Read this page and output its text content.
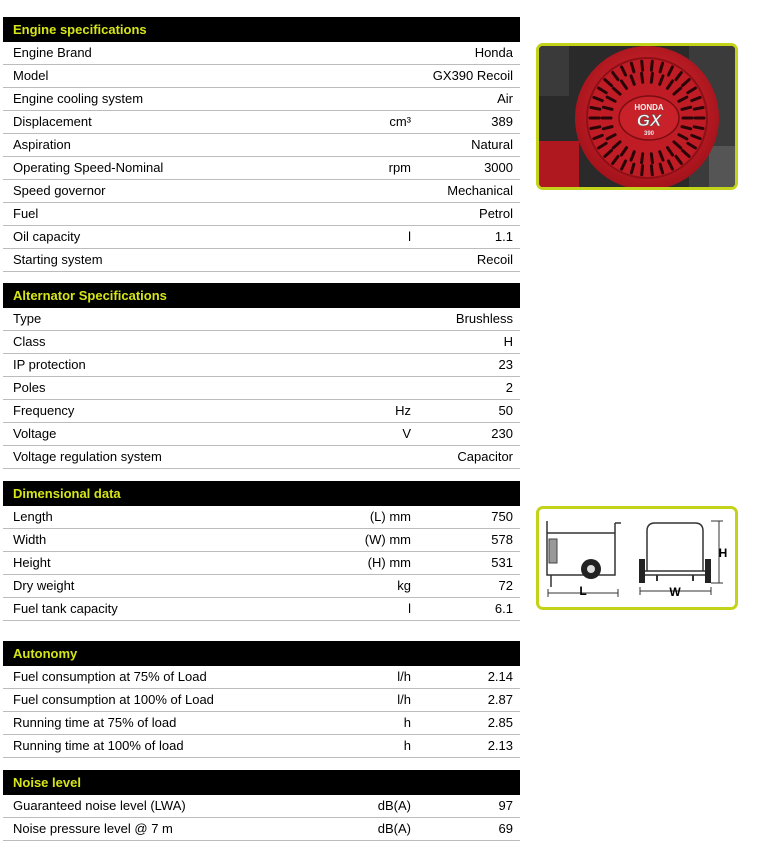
Engine specifications
Engine Brand	Honda
Model	GX390 Recoil
Engine cooling system	Air
Displacement	cm³	389
Aspiration	Natural
Operating Speed-Nominal	rpm	3000
Speed governor	Mechanical
Fuel	Petrol
Oil capacity	l	1.1
Starting system	Recoil
Alternator Specifications
Type	Brushless
Class	H
IP protection	23
Poles	2
Frequency	Hz	50
Voltage	V	230
Voltage regulation system	Capacitor
Dimensional data
Length	(L) mm	750
Width	(W) mm	578
Height	(H) mm	531
Dry weight	kg	72
Fuel tank capacity	l	6.1
Autonomy
Fuel consumption at 75% of Load	l/h	2.14
Fuel consumption at 100% of Load	l/h	2.87
Running time at 75% of load	h	2.85
Running time at 100% of load	h	2.13
Noise level
Guaranteed noise level (LWA)	dB(A)	97
Noise pressure level @ 7 m	dB(A)	69
HONDA
GX
390
L	W
H
